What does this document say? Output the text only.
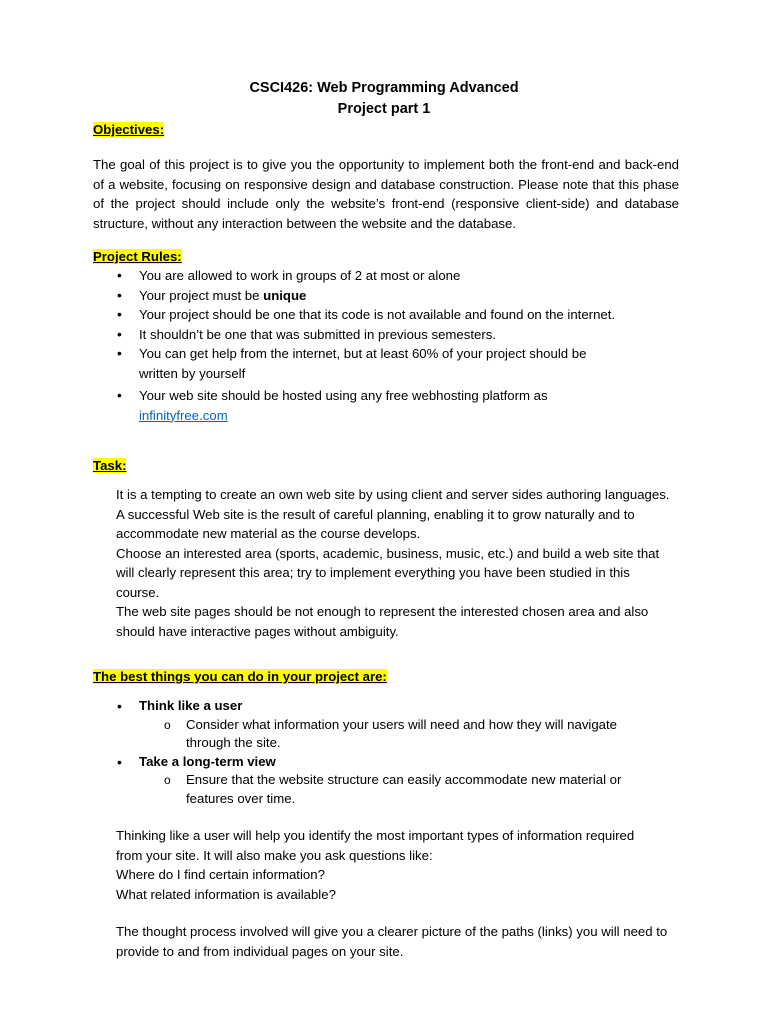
CSCI426: Web Programming Advanced
Project part 1
Objectives:

The goal of this project is to give you the opportunity to implement both the front-end and back-end of a website, focusing on responsive design and database construction. Please note that this phase of the project should include only the website’s front-end (responsive client-side) and database structure, without any interaction between the website and the database.

Project Rules:
• You are allowed to work in groups of 2 at most or alone
• Your project must be unique
• Your project should be one that its code is not available and found on the internet.
• It shouldn’t be one that was submitted in previous semesters.
• You can get help from the internet, but at least 60% of your project should be written by yourself
• Your web site should be hosted using any free webhosting platform as infinityfree.com
Task:

It is a tempting to create an own web site by using client and server sides authoring languages. A successful Web site is the result of careful planning, enabling it to grow naturally and to accommodate new material as the course develops.

Choose an interested area (sports, academic, business, music, etc.) and build a web site that will clearly represent this area; try to implement everything you have been studied in this course.

The web site pages should be not enough to represent the interested chosen area and also should have interactive pages without ambiguity.

The best things you can do in your project are:
• Think like a user
o Consider what information your users will need and how they will navigate through the site.
• Take a long-term view
o Ensure that the website structure can easily accommodate new material or features over time.

Thinking like a user will help you identify the most important types of information required from your site. It will also make you ask questions like:

Where do I find certain information?

What related information is available?

The thought process involved will give you a clearer picture of the paths (links) you will need to provide to and from individual pages on your site.
